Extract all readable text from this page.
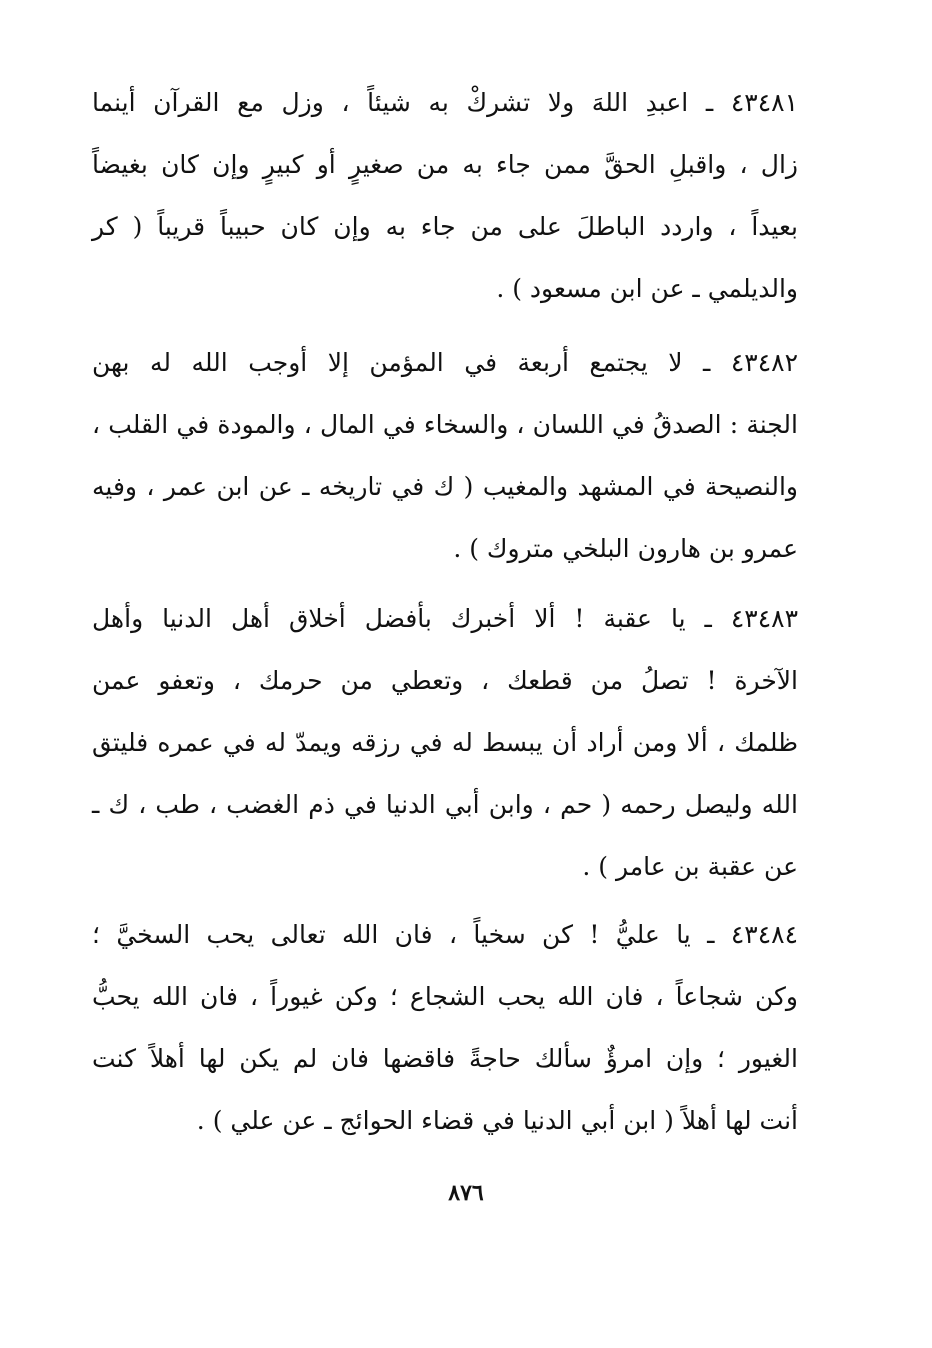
٤٣٤٨١ ـ اعبدِ اللهَ ولا تشركْ به شيئاً ، وزل مع القرآن أينما
زال ، واقبلِ الحقَّ ممن جاء به من صغيرٍ أو كبيرٍ وإن كان بغيضاً
بعيداً ، واردد الباطلَ على من جاء به وإن كان حبيباً قريباً ( كر
والديلمي ـ عن ابن مسعود ) .
٤٣٤٨٢ ـ لا يجتمع أربعة في المؤمن إلا أوجب الله له بهن
الجنة : الصدقُ في اللسان ، والسخاء في المال ، والمودة في القلب ،
والنصيحة في المشهد والمغيب ( ك في تاريخه ـ عن ابن عمر ، وفيه
عمرو بن هارون البلخي متروك ) .
٤٣٤٨٣ ـ يا عقبة ! ألا أخبرك بأفضل أخلاق أهل الدنيا وأهل
الآخرة ! تصلُ من قطعك ، وتعطي من حرمك ، وتعفو عمن
ظلمك ، ألا ومن أراد أن يبسط له في رزقه ويمدّ له في عمره فليتق
الله وليصل رحمه ( حم ، وابن أبي الدنيا في ذم الغضب ، طب ، ك ـ
عن عقبة بن عامر ) .
٤٣٤٨٤ ـ يا عليُّ ! كن سخياً ، فان الله تعالى يحب السخيَّ ؛
وكن شجاعاً ، فان الله يحب الشجاع ؛ وكن غيوراً ، فان الله يحبُّ
الغيور ؛ وإن امرؤٌ سألك حاجةً فاقضها فان لم يكن لها أهلاً كنت
أنت لها أهلاً ( ابن أبي الدنيا في قضاء الحوائج ـ عن علي ) .
٨٧٦
